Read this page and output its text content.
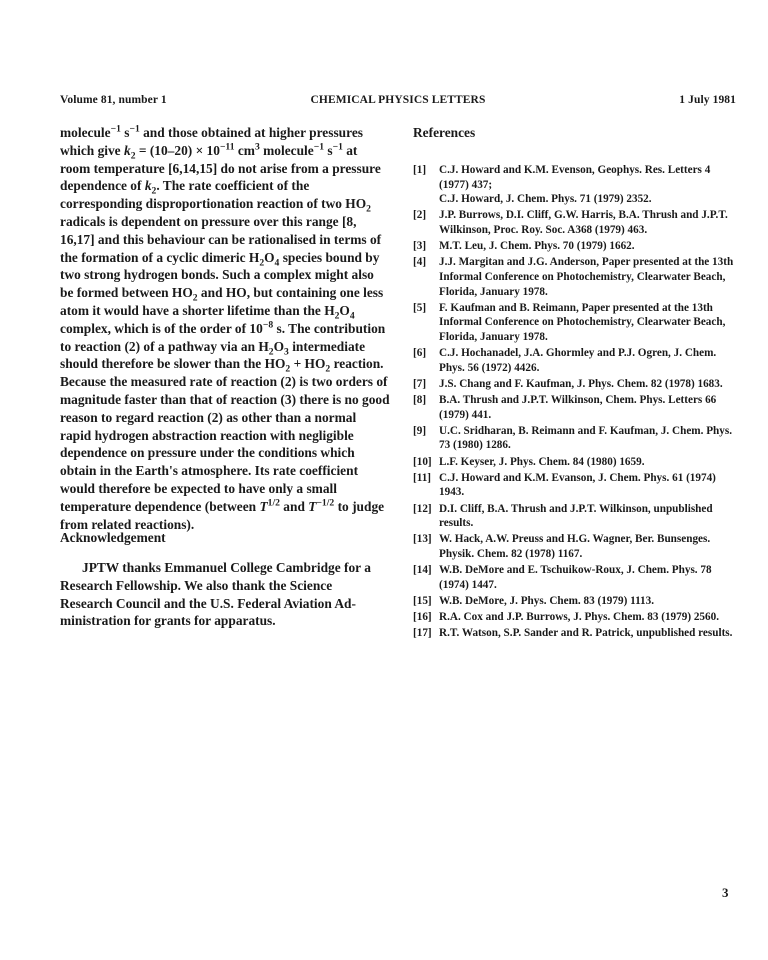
Volume 81, number 1	CHEMICAL PHYSICS LETTERS	1 July 1981

molecule$^{-1}$ $s^{-1}$ and those obtained at higher pressures which give $k_2 = (10-20) \times 10^{-11}$ $cm^3$ molecule$^{-1}$ $s^{-1}$ at room temperature [6,14,15] do not arise from a pressure dependence of $k_2$. The rate coefficient of the corresponding disproportionation reaction of two $HO_2$ radicals is dependent on pressure over this range [8, 16,17] and this behaviour can be rationalised in terms of the formation of a cyclic dimeric $H_2O_4$ species bound by two strong hydrogen bonds. Such a complex might also be formed between $HO_2$ and HO, but containing one less atom it would have a shorter lifetime than the $H_2O_4$ complex, which is of the order of $10^{-8}$ s. The contribution to reaction (2) of a pathway via an $H_2O_3$ intermediate should therefore be slower than the $HO_2 + HO_2$ reaction. Because the measured rate of reaction (2) is two orders of magnitude faster than that of reaction (3) there is no good reason to regard reaction (2) as other than a normal rapid hydrogen abstraction reaction with negligible dependence on pressure under the conditions which obtain in the Earth's atmosphere. Its rate coefficient would therefore be expected to have only a small temperature dependence (between $T^{1/2}$ and $T^{-1/2}$ to judge from related reactions).

Acknowledgement

JPTW thanks Emmanuel College Cambridge for a Research Fellowship. We also thank the Science Research Council and the U.S. Federal Aviation Administration for grants for apparatus.

References
[1]	C.J. Howard and K.M. Evenson, Geophys. Res. Letters 4 (1977) 437;
C.J. Howard, J. Chem. Phys. 71 (1979) 2352.
[2]	J.P. Burrows, D.I. Cliff, G.W. Harris, B.A. Thrush and J.P.T. Wilkinson, Proc. Roy. Soc. A368 (1979) 463.
[3]	M.T. Leu, J. Chem. Phys. 70 (1979) 1662.
[4]	J.J. Margitan and J.G. Anderson, Paper presented at the 13th Informal Conference on Photochemistry, Clearwater Beach, Florida, January 1978.
[5]	F. Kaufman and B. Reimann, Paper presented at the 13th Informal Conference on Photochemistry, Clearwater Beach, Florida, January 1978.
[6]	C.J. Hochanadel, J.A. Ghormley and P.J. Ogren, J. Chem. Phys. 56 (1972) 4426.
[7]	J.S. Chang and F. Kaufman, J. Phys. Chem. 82 (1978) 1683.
[8]	B.A. Thrush and J.P.T. Wilkinson, Chem. Phys. Letters 66 (1979) 441.
[9]	U.C. Sridharan, B. Reimann and F. Kaufman, J. Chem. Phys. 73 (1980) 1286.
[10] L.F. Keyser, J. Phys. Chem. 84 (1980) 1659.
[11] C.J. Howard and K.M. Evanson, J. Chem. Phys. 61 (1974) 1943.
[12] D.I. Cliff, B.A. Thrush and J.P.T. Wilkinson, unpublished results.
[13] W. Hack, A.W. Preuss and H.G. Wagner, Ber. Bunsenges. Physik. Chem. 82 (1978) 1167.
[14] W.B. DeMore and E. Tschuikow-Roux, J. Chem. Phys. 78 (1974) 1447.
[15] W.B. DeMore, J. Phys. Chem. 83 (1979) 1113.
[16] R.A. Cox and J.P. Burrows, J. Phys. Chem. 83 (1979) 2560.
[17] R.T. Watson, S.P. Sander and R. Patrick, unpublished results.
3
